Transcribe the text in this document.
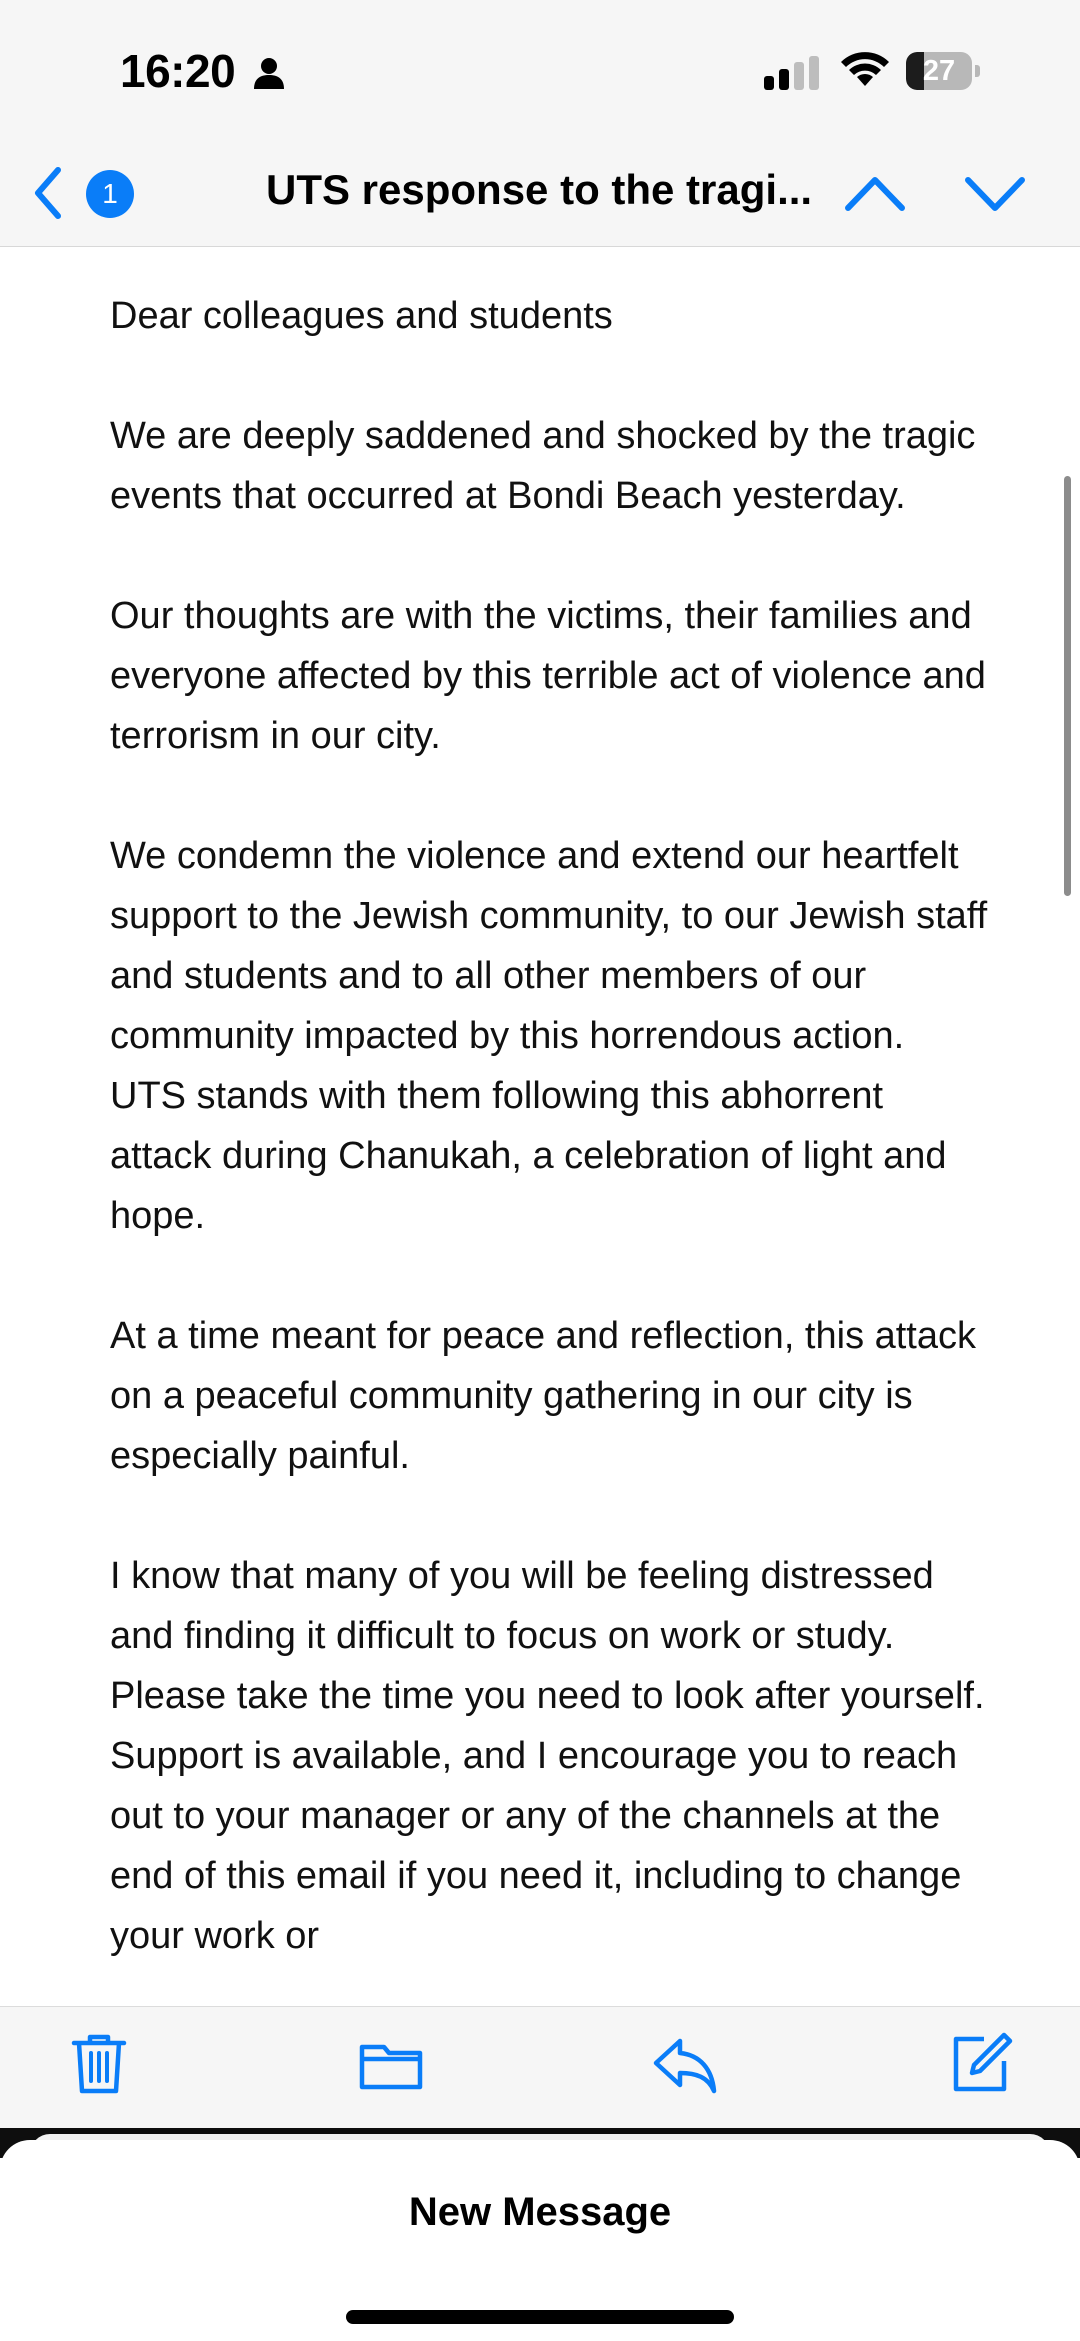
16:20	27
1	UTS response to the tragi...

Dear colleagues and students

We are deeply saddened and shocked by the tragic events that occurred at Bondi Beach yesterday.

Our thoughts are with the victims, their families and everyone affected by this terrible act of violence and terrorism in our city.

We condemn the violence and extend our heartfelt support to the Jewish community, to our Jewish staff and students and to all other members of our community impacted by this horrendous action. UTS stands with them following this abhorrent attack during Chanukah, a celebration of light and hope.

At a time meant for peace and reflection, this attack on a peaceful community gathering in our city is especially painful.

I know that many of you will be feeling distressed and finding it difficult to focus on work or study. Please take the time you need to look after yourself. Support is available, and I encourage you to reach out to your manager or any of the channels at the end of this email if you need it, including to change your work or

New Message
